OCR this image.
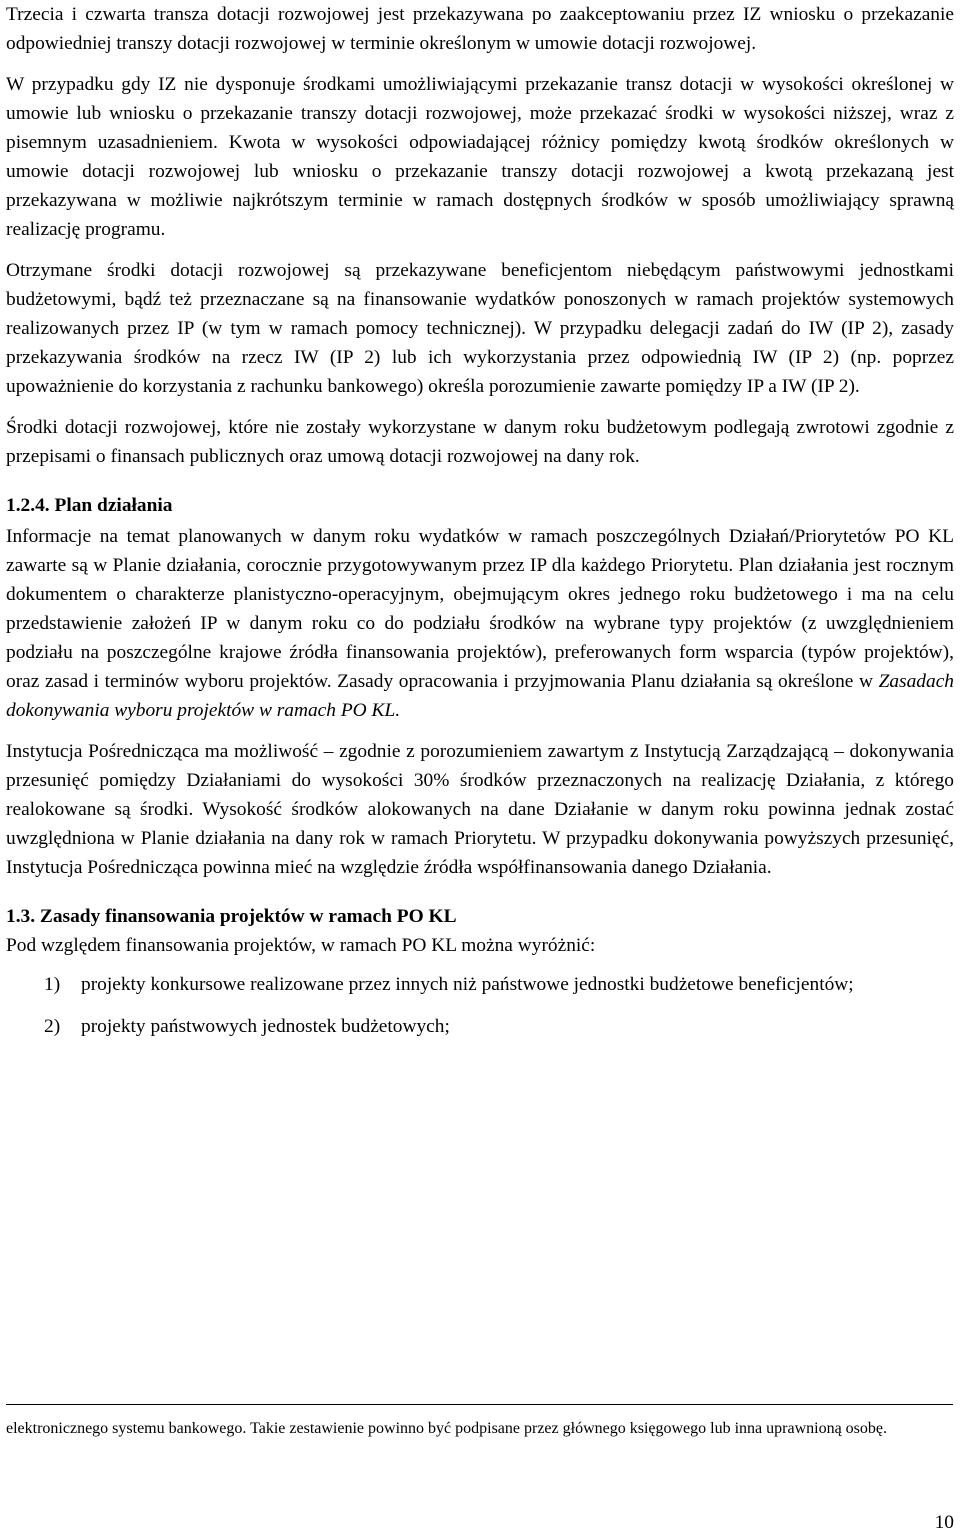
Trzecia i czwarta transza dotacji rozwojowej jest przekazywana po zaakceptowaniu przez IZ wniosku o przekazanie odpowiedniej transzy dotacji rozwojowej w terminie określonym w umowie dotacji rozwojowej.

W przypadku gdy IZ nie dysponuje środkami umożliwiającymi przekazanie transz dotacji w wysokości określonej w umowie lub wniosku o przekazanie transzy dotacji rozwojowej, może przekazać środki w wysokości niższej, wraz z pisemnym uzasadnieniem. Kwota w wysokości odpowiadającej różnicy pomiędzy kwotą środków określonych w umowie dotacji rozwojowej lub wniosku o przekazanie transzy dotacji rozwojowej a kwotą przekazaną jest przekazywana w możliwie najkrótszym terminie w ramach dostępnych środków w sposób umożliwiający sprawną realizację programu.

Otrzymane środki dotacji rozwojowej są przekazywane beneficjentom niebędącym państwowymi jednostkami budżetowymi, bądź też przeznaczane są na finansowanie wydatków ponoszonych w ramach projektów systemowych realizowanych przez IP (w tym w ramach pomocy technicznej). W przypadku delegacji zadań do IW (IP 2), zasady przekazywania środków na rzecz IW (IP 2) lub ich wykorzystania przez odpowiednią IW (IP 2) (np. poprzez upoważnienie do korzystania z rachunku bankowego) określa porozumienie zawarte pomiędzy IP a IW (IP 2).

Środki dotacji rozwojowej, które nie zostały wykorzystane w danym roku budżetowym podlegają zwrotowi zgodnie z przepisami o finansach publicznych oraz umową dotacji rozwojowej na dany rok.

1.2.4. Plan działania

Informacje na temat planowanych w danym roku wydatków w ramach poszczególnych Działań/Priorytetów PO KL zawarte są w Planie działania, corocznie przygotowywanym przez IP dla każdego Priorytetu. Plan działania jest rocznym dokumentem o charakterze planistyczno-operacyjnym, obejmującym okres jednego roku budżetowego i ma na celu przedstawienie założeń IP w danym roku co do podziału środków na wybrane typy projektów (z uwzględnieniem podziału na poszczególne krajowe źródła finansowania projektów), preferowanych form wsparcia (typów projektów), oraz zasad i terminów wyboru projektów. Zasady opracowania i przyjmowania Planu działania są określone w Zasadach dokonywania wyboru projektów w ramach PO KL.

Instytucja Pośrednicząca ma możliwość – zgodnie z porozumieniem zawartym z Instytucją Zarządzającą – dokonywania przesunięć pomiędzy Działaniami do wysokości 30% środków przeznaczonych na realizację Działania, z którego realokowane są środki. Wysokość środków alokowanych na dane Działanie w danym roku powinna jednak zostać uwzględniona w Planie działania na dany rok w ramach Priorytetu. W przypadku dokonywania powyższych przesunięć, Instytucja Pośrednicząca powinna mieć na względzie źródła współfinansowania danego Działania.

1.3. Zasady finansowania projektów w ramach PO KL

Pod względem finansowania projektów, w ramach PO KL można wyróżnić:

1) projekty konkursowe realizowane przez innych niż państwowe jednostki budżetowe beneficjentów;
2) projekty państwowych jednostek budżetowych;
elektronicznego systemu bankowego. Takie zestawienie powinno być podpisane przez głównego księgowego lub inna uprawnioną osobę.
10
